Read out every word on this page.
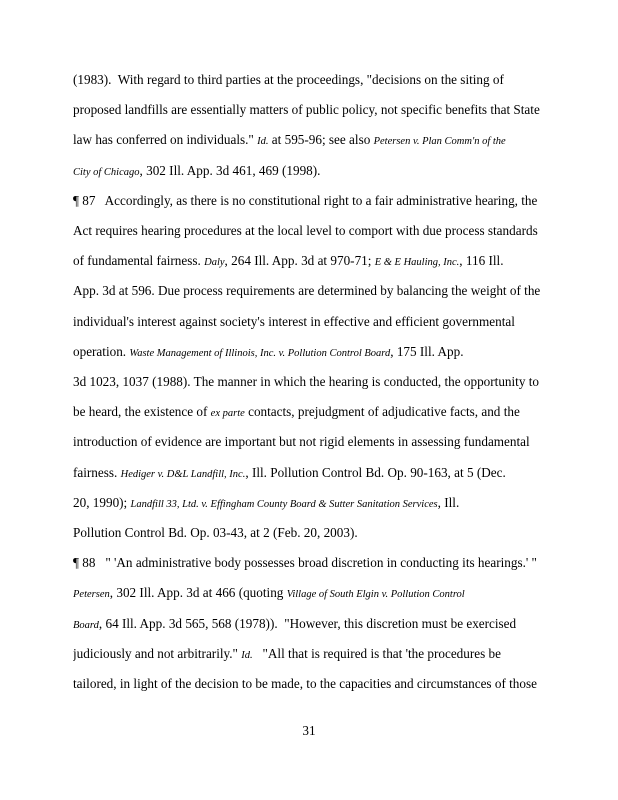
(1983).  With regard to third parties at the proceedings, "decisions on the siting of
proposed landfills are essentially matters of public policy, not specific benefits that State
law has conferred on individuals." Id. at 595-96; see also Petersen v. Plan Comm'n of the
City of Chicago, 302 Ill. App. 3d 461, 469 (1998).
¶ 87   Accordingly, as there is no constitutional right to a fair administrative hearing, the
Act requires hearing procedures at the local level to comport with due process standards
of fundamental fairness. Daly, 264 Ill. App. 3d at 970-71; E & E Hauling, Inc., 116 Ill.
App. 3d at 596. Due process requirements are determined by balancing the weight of the
individual's interest against society's interest in effective and efficient governmental
operation. Waste Management of Illinois, Inc. v. Pollution Control Board, 175 Ill. App.
3d 1023, 1037 (1988). The manner in which the hearing is conducted, the opportunity to
be heard, the existence of ex parte contacts, prejudgment of adjudicative facts, and the
introduction of evidence are important but not rigid elements in assessing fundamental
fairness. Hediger v. D&L Landfill, Inc., Ill. Pollution Control Bd. Op. 90-163, at 5 (Dec.
20, 1990); Landfill 33, Ltd. v. Effingham County Board & Sutter Sanitation Services, Ill.
Pollution Control Bd. Op. 03-43, at 2 (Feb. 20, 2003).
¶ 88   " 'An administrative body possesses broad discretion in conducting its hearings.' "
Petersen, 302 Ill. App. 3d at 466 (quoting Village of South Elgin v. Pollution Control
Board, 64 Ill. App. 3d 565, 568 (1978)).  "However, this discretion must be exercised
judiciously and not arbitrarily." Id.   "All that is required is that 'the procedures be
tailored, in light of the decision to be made, to the capacities and circumstances of those
31
